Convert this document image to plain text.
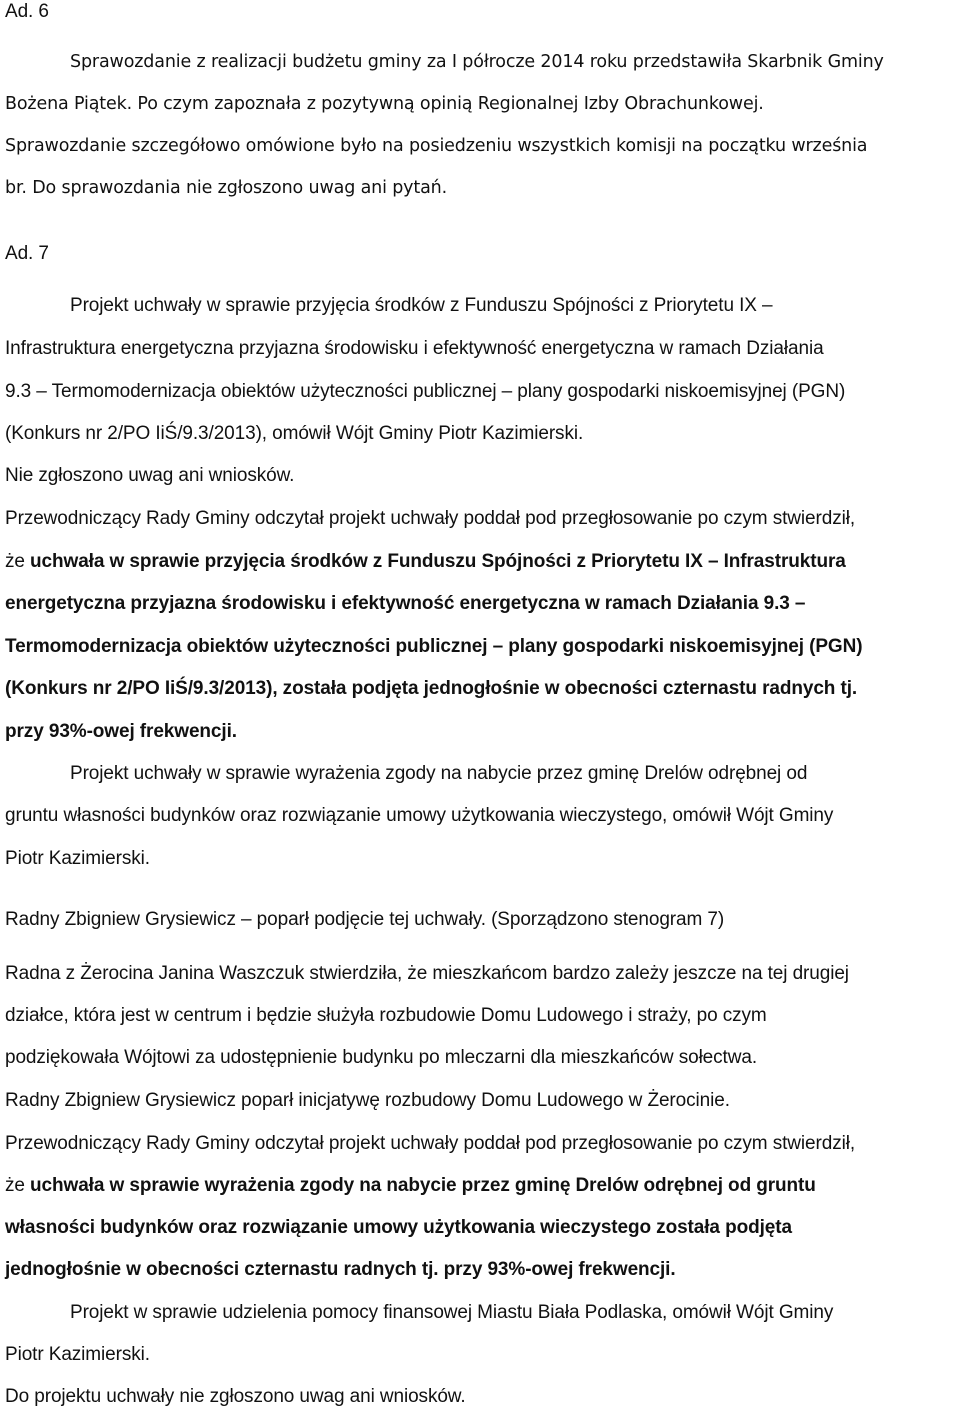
Ad. 6
Sprawozdanie z realizacji budżetu gminy za I półrocze 2014 roku przedstawiła Skarbnik Gminy
Bożena Piątek. Po czym zapoznała z pozytywną opinią Regionalnej Izby Obrachunkowej.
Sprawozdanie szczegółowo omówione było na posiedzeniu wszystkich komisji na początku września
br. Do sprawozdania nie zgłoszono uwag ani pytań.
Ad. 7
Projekt uchwały w sprawie przyjęcia środków z Funduszu Spójności z Priorytetu IX –
Infrastruktura energetyczna przyjazna środowisku i efektywność energetyczna w ramach Działania
9.3 – Termomodernizacja obiektów użyteczności publicznej – plany gospodarki niskoemisyjnej (PGN)
(Konkurs nr 2/PO IiŚ/9.3/2013), omówił Wójt Gminy Piotr Kazimierski.
Nie zgłoszono uwag ani wniosków.
Przewodniczący Rady Gminy odczytał projekt uchwały poddał pod przegłosowanie po czym stwierdził,
że uchwała w sprawie przyjęcia środków z Funduszu Spójności z Priorytetu IX – Infrastruktura
energetyczna przyjazna środowisku i efektywność energetyczna w ramach Działania 9.3 –
Termomodernizacja obiektów użyteczności publicznej – plany gospodarki niskoemisyjnej (PGN)
(Konkurs nr 2/PO IiŚ/9.3/2013), została podjęta jednogłośnie w obecności czternastu radnych tj.
przy 93%-owej frekwencji.
Projekt uchwały w sprawie wyrażenia zgody na nabycie przez gminę Drelów odrębnej od
gruntu własności budynków oraz rozwiązanie umowy użytkowania wieczystego, omówił Wójt Gminy
Piotr Kazimierski.
Radny Zbigniew Grysiewicz – poparł podjęcie tej uchwały. (Sporządzono stenogram 7)
Radna z Żerocina Janina Waszczuk stwierdziła, że mieszkańcom bardzo zależy jeszcze na tej drugiej
działce, która jest w centrum i będzie służyła rozbudowie Domu Ludowego i straży, po czym
podziękowała Wójtowi za udostępnienie budynku po mleczarni dla mieszkańców sołectwa.
Radny Zbigniew Grysiewicz poparł inicjatywę rozbudowy Domu Ludowego w Żerocinie.
Przewodniczący Rady Gminy odczytał projekt uchwały poddał pod przegłosowanie po czym stwierdził,
że uchwała w sprawie wyrażenia zgody na nabycie przez gminę Drelów odrębnej od gruntu
własności budynków oraz rozwiązanie umowy użytkowania wieczystego została podjęta
jednogłośnie w obecności czternastu radnych tj. przy 93%-owej frekwencji.
Projekt w sprawie udzielenia pomocy finansowej Miastu Biała Podlaska, omówił Wójt Gminy
Piotr Kazimierski.
Do projektu uchwały nie zgłoszono uwag ani wniosków.
